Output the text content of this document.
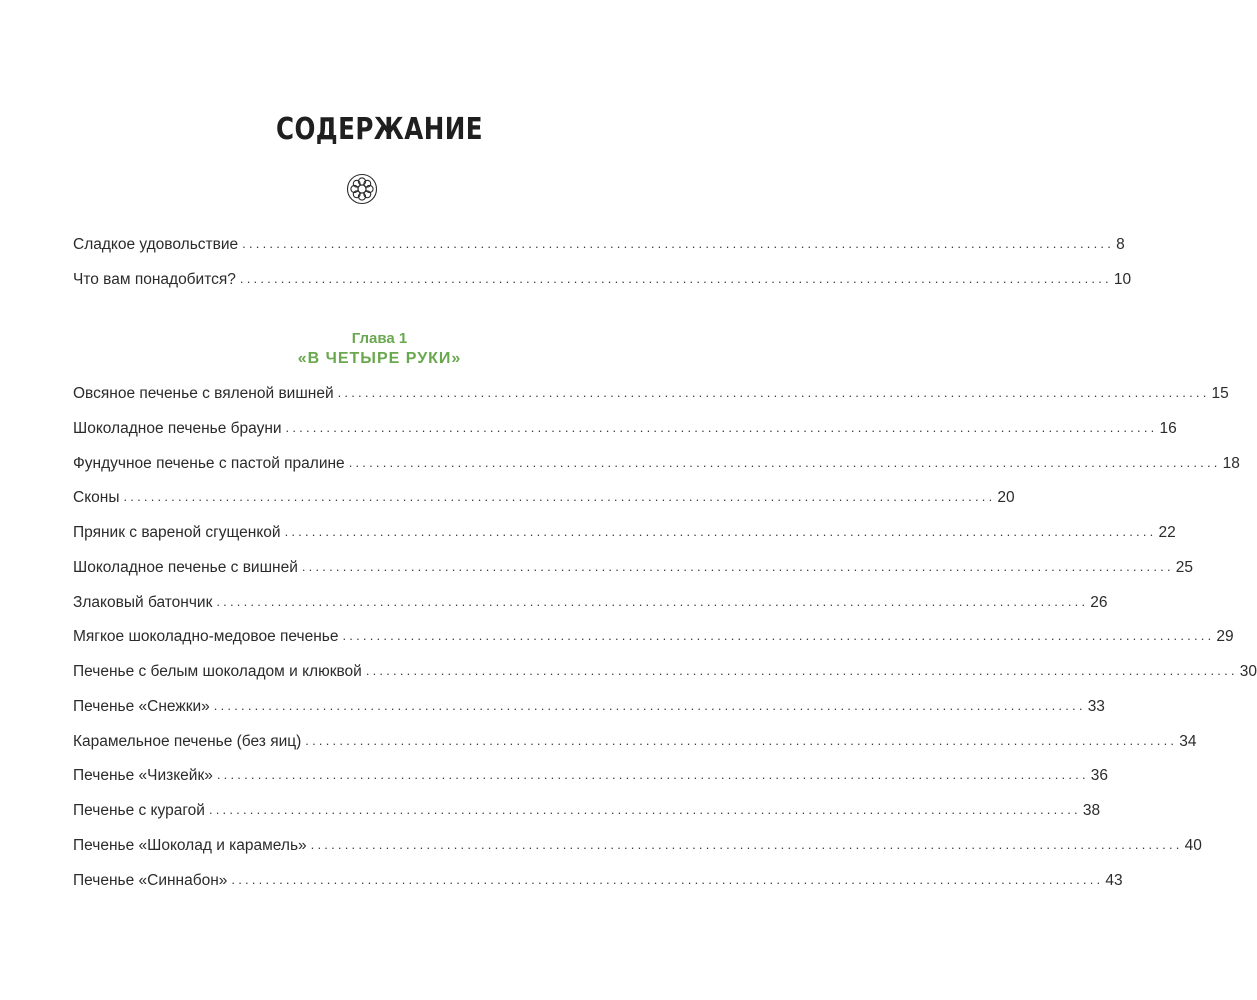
СОДЕРЖАНИЕ
Сладкое удовольствие ................................................................................................................................ 8
Что вам понадобится? ................................................................................................................................ 10
Глава 1
«В ЧЕТЫРЕ РУКИ»
Овсяное печенье с вяленой вишней ................................................................................................................................ 15
Шоколадное печенье брауни ................................................................................................................................ 16
Фундучное печенье с пастой пралине ................................................................................................................................ 18
Сконы ................................................................................................................................ 20
Пряник с вареной сгущенкой ................................................................................................................................ 22
Шоколадное печенье с вишней ................................................................................................................................ 25
Злаковый батончик ................................................................................................................................ 26
Мягкое шоколадно-медовое печенье ................................................................................................................................ 29
Печенье с белым шоколадом и клюквой ................................................................................................................................ 30
Печенье «Снежки» ................................................................................................................................ 33
Карамельное печенье (без яиц) ................................................................................................................................ 34
Печенье «Чизкейк» ................................................................................................................................ 36
Печенье с курагой ................................................................................................................................ 38
Печенье «Шоколад и карамель» ................................................................................................................................ 40
Печенье «Синнабон» ................................................................................................................................ 43
